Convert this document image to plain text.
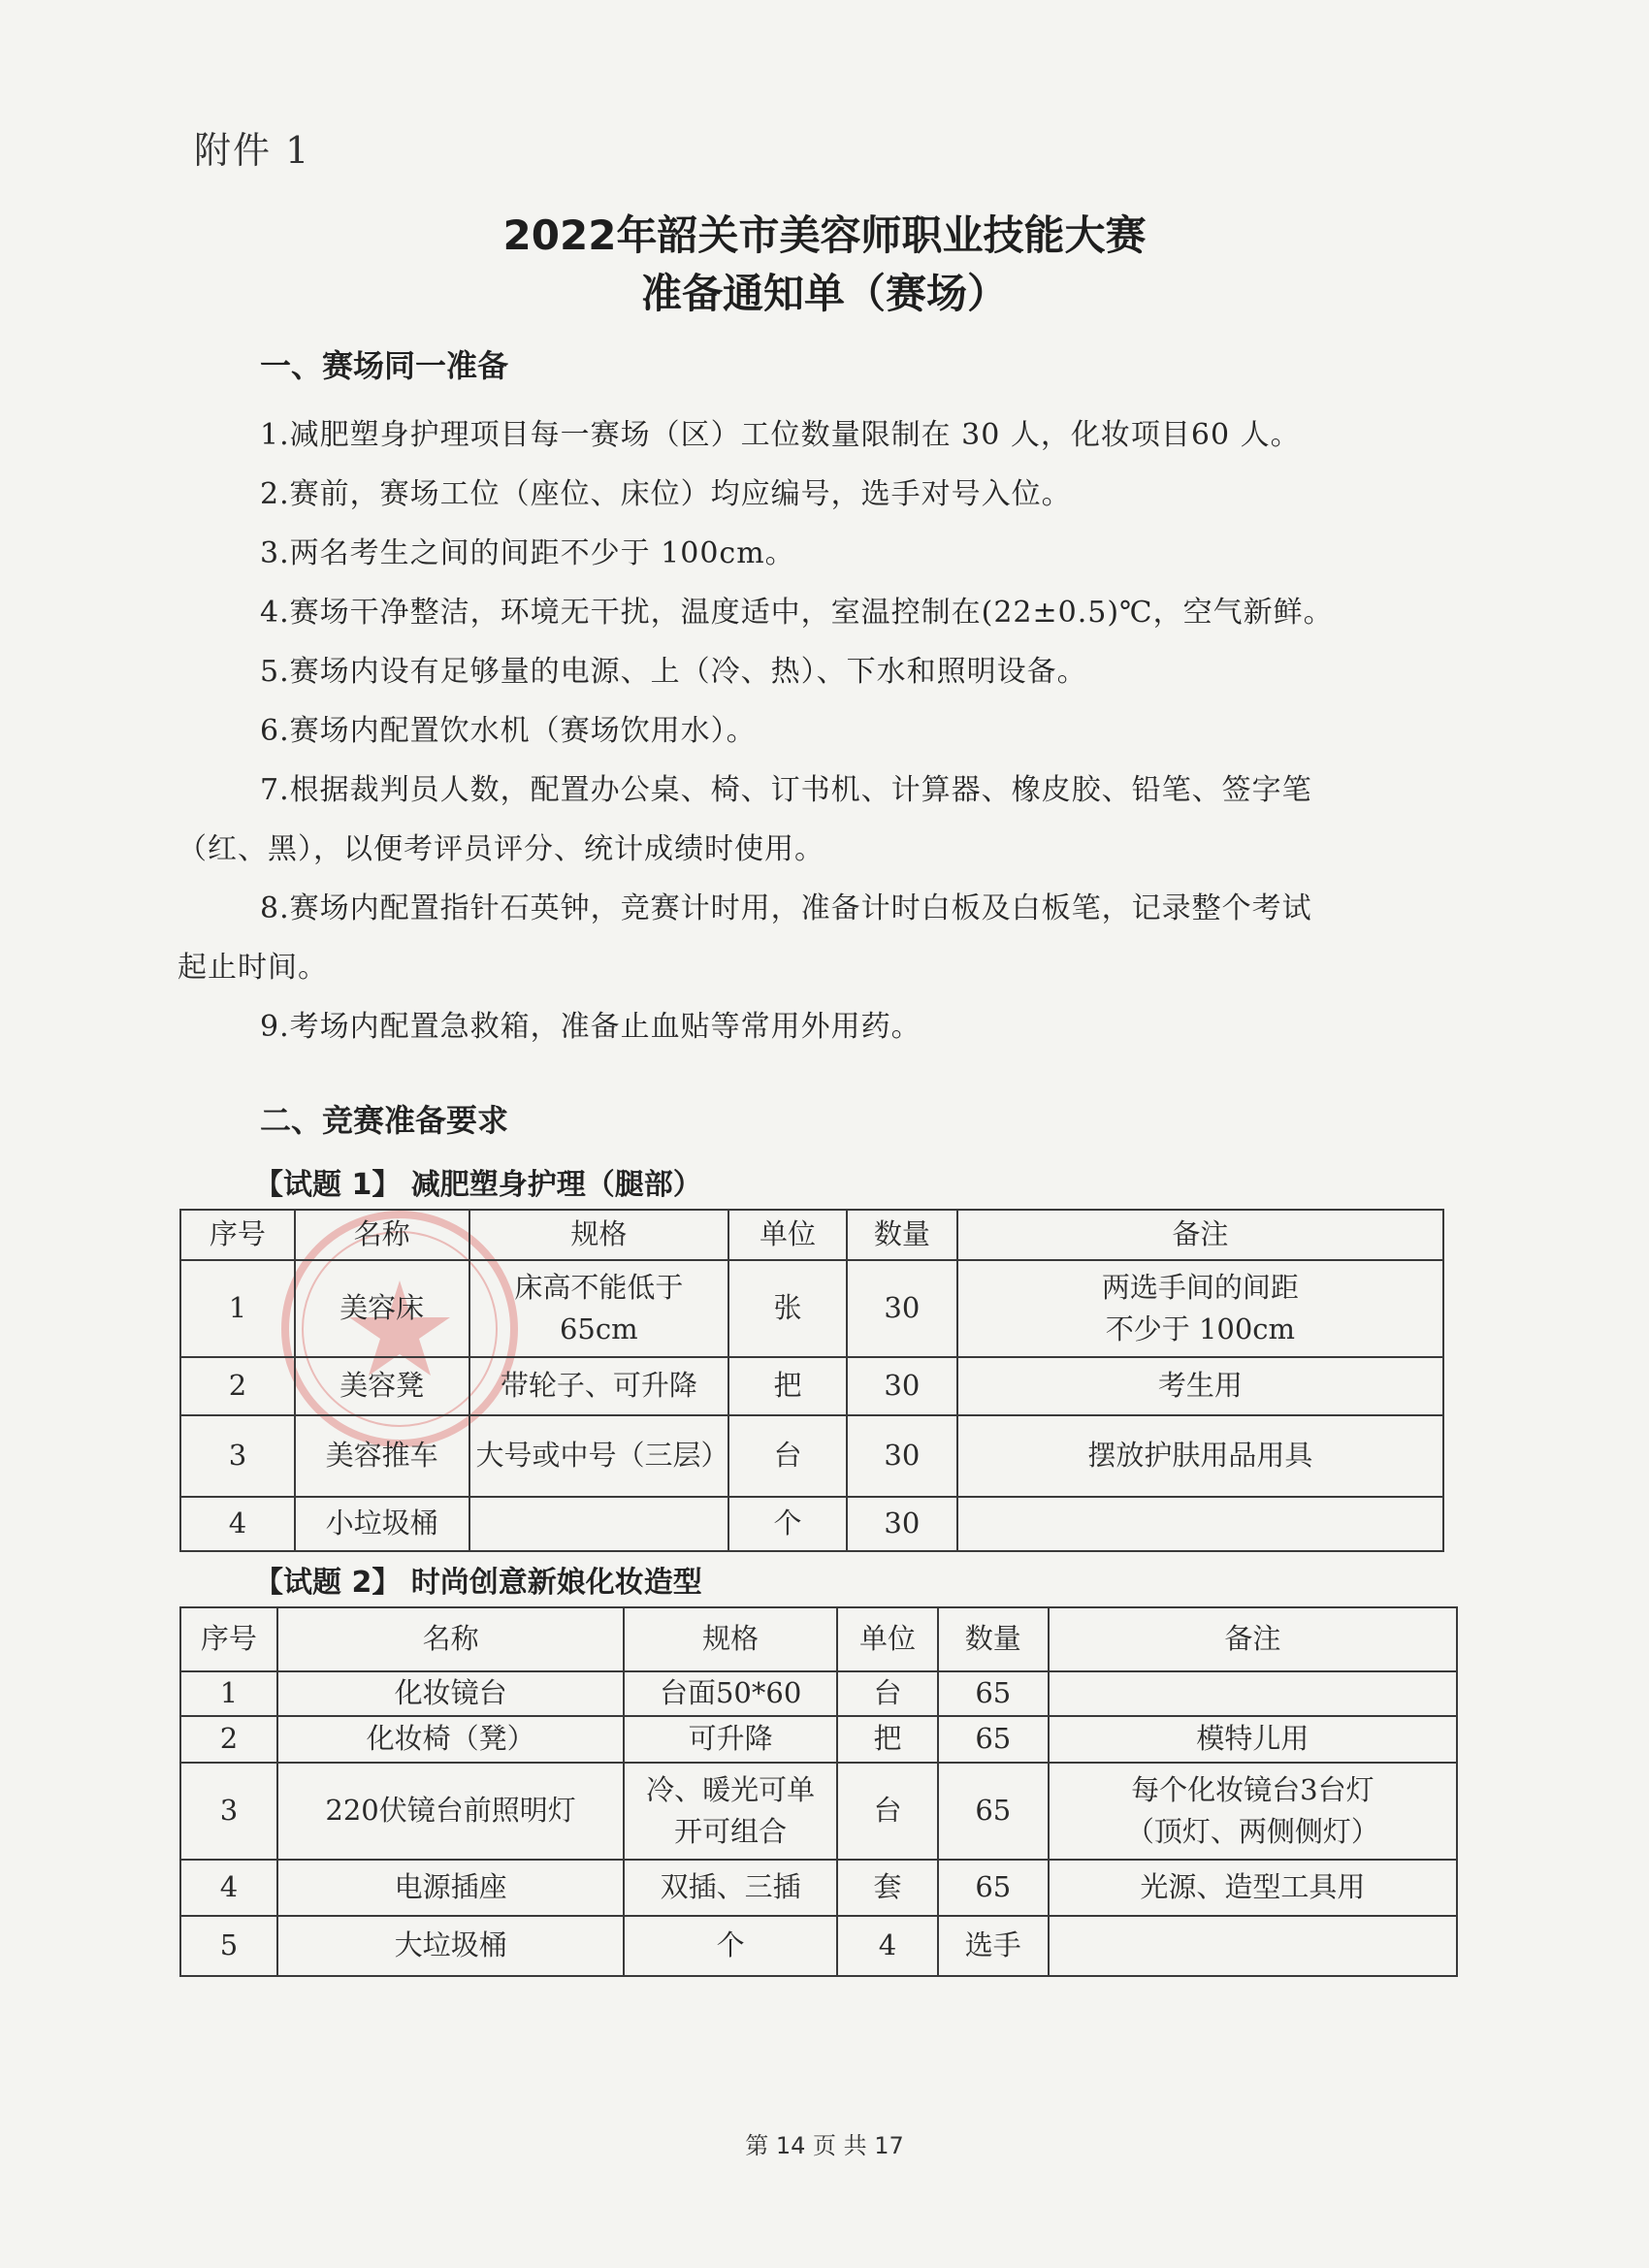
附件 1
2022年韶关市美容师职业技能大赛
准备通知单（赛场）
一、赛场同一准备

1.减肥塑身护理项目每一赛场（区）工位数量限制在 30 人，化妆项目60 人。

2.赛前，赛场工位（座位、床位）均应编号，选手对号入位。

3.两名考生之间的间距不少于 100cm。

4.赛场干净整洁，环境无干扰，温度适中，室温控制在(22±0.5)℃，空气新鲜。

5.赛场内设有足够量的电源、上（冷、热）、下水和照明设备。

6.赛场内配置饮水机（赛场饮用水）。

7.根据裁判员人数，配置办公桌、椅、订书机、计算器、橡皮胶、铅笔、签字笔

（红、黑），以便考评员评分、统计成绩时使用。

8.赛场内配置指针石英钟，竞赛计时用，准备计时白板及白板笔，记录整个考试

起止时间。

9.考场内配置急救箱，准备止血贴等常用外用药。

二、竞赛准备要求
【试题 1】 减肥塑身护理（腿部）
序号	名称	规格	单位	数量	备注
1	美容床	床高不能低于 65cm	张	30	两选手间的间距
不少于 100cm
2	美容凳	带轮子、可升降	把	30	考生用
3	美容推车	大号或中号（三层）	台	30	摆放护肤用品用具
4	小垃圾桶		个	30	
【试题 2】 时尚创意新娘化妆造型
序号	名称	规格	单位	数量	备注
1	化妆镜台	台面50*60	台	65	
2	化妆椅（凳）	可升降	把	65	模特儿用
3	220伏镜台前照明灯	冷、暖光可单
开可组合	台	65	每个化妆镜台3台灯
（顶灯、两侧侧灯）
4	电源插座	双插、三插	套	65	光源、造型工具用
5	大垃圾桶	个	4	选手	
第 14 页 共 17
